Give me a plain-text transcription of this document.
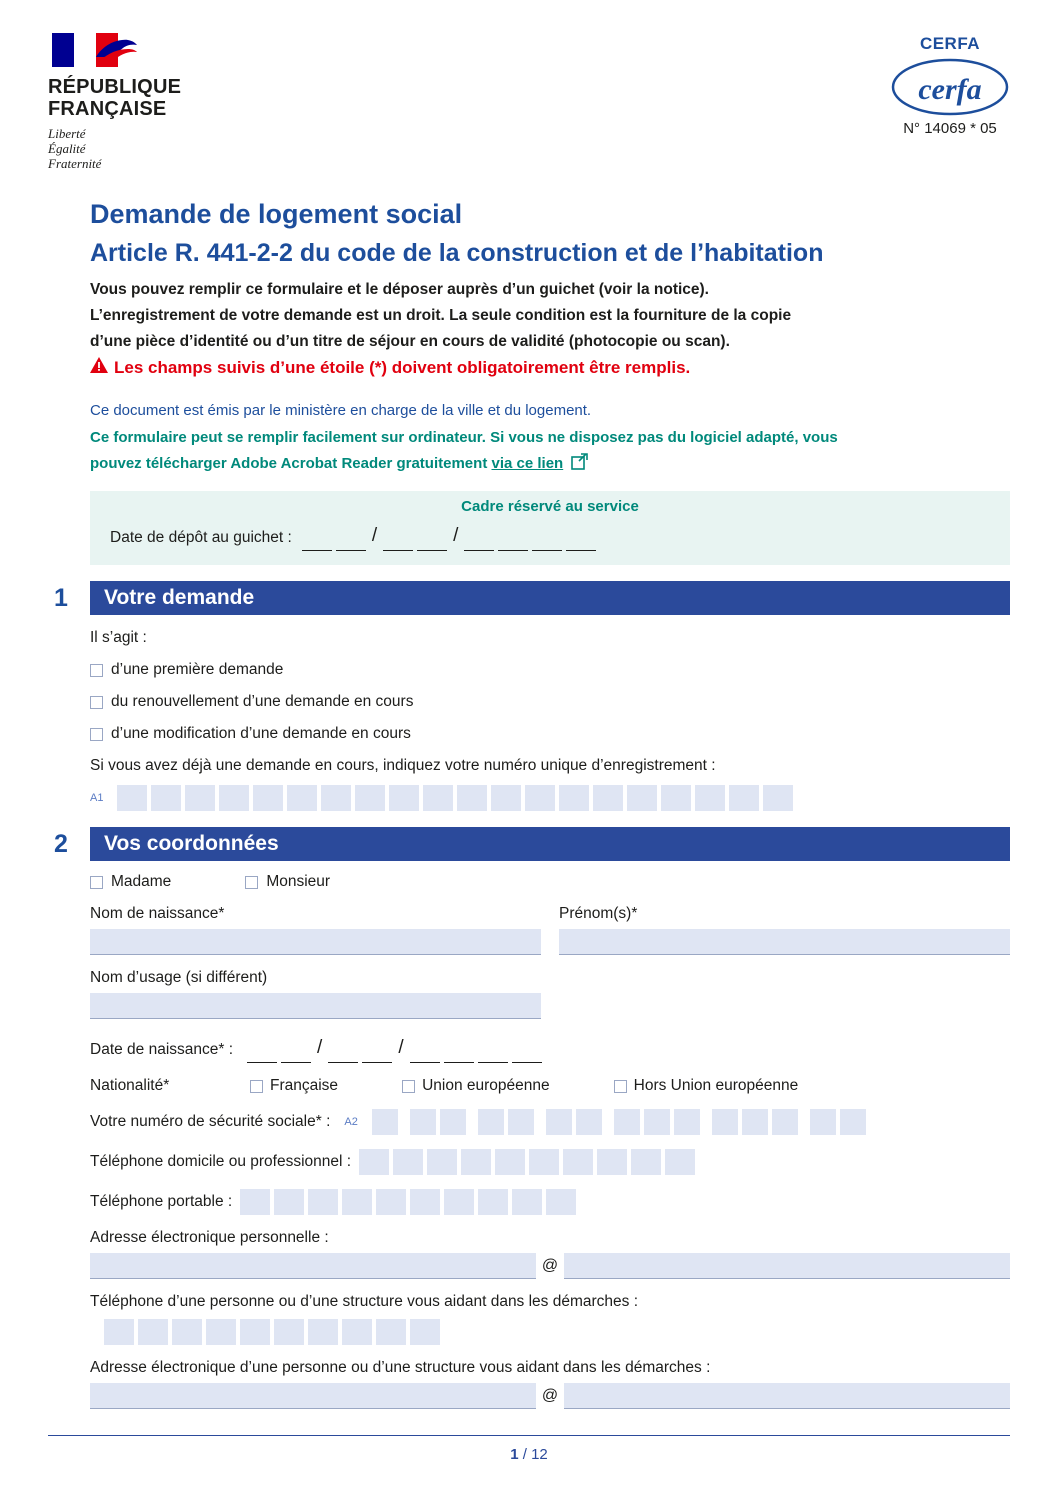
RÉPUBLIQUE
FRANÇAISE
Liberté
Égalité
Fraternité
CERFA
cerfa
N° 14069 * 05
Demande de logement social
Article R. 441-2-2 du code de la construction et de l’habitation
Vous pouvez remplir ce formulaire et le déposer auprès d’un guichet (voir la notice).
L’enregistrement de votre demande est un droit. La seule condition est la fourniture de la copie
d’une pièce d’identité ou d’un titre de séjour en cours de validité (photocopie ou scan).
Les champs suivis d’une étoile (*) doivent obligatoirement être remplis.
Ce document est émis par le ministère en charge de la ville et du logement.
Ce formulaire peut se remplir facilement sur ordinateur. Si vous ne disposez pas du logiciel adapté, vous
pouvez télécharger Adobe Acrobat Reader gratuitement via ce lien
Cadre réservé au service
Date de dépôt au guichet :	/	/
1	Votre demande
Il s’agit :
d’une première demande
du renouvellement d’une demande en cours
d’une modification d’une demande en cours
Si vous avez déjà une demande en cours, indiquez votre numéro unique d’enregistrement :
A1
2	Vos coordonnées
Madame	Monsieur
Nom de naissance*	Prénom(s)*
Nom d’usage (si différent)
Date de naissance* :	/	/
Nationalité*	Française	Union européenne	Hors Union européenne
Votre numéro de sécurité sociale* : A2
Téléphone domicile ou professionnel :
Téléphone portable :
Adresse électronique personnelle :
@
Téléphone d’une personne ou d’une structure vous aidant dans les démarches :
Adresse électronique d’une personne ou d’une structure vous aidant dans les démarches :
@
1 / 12
